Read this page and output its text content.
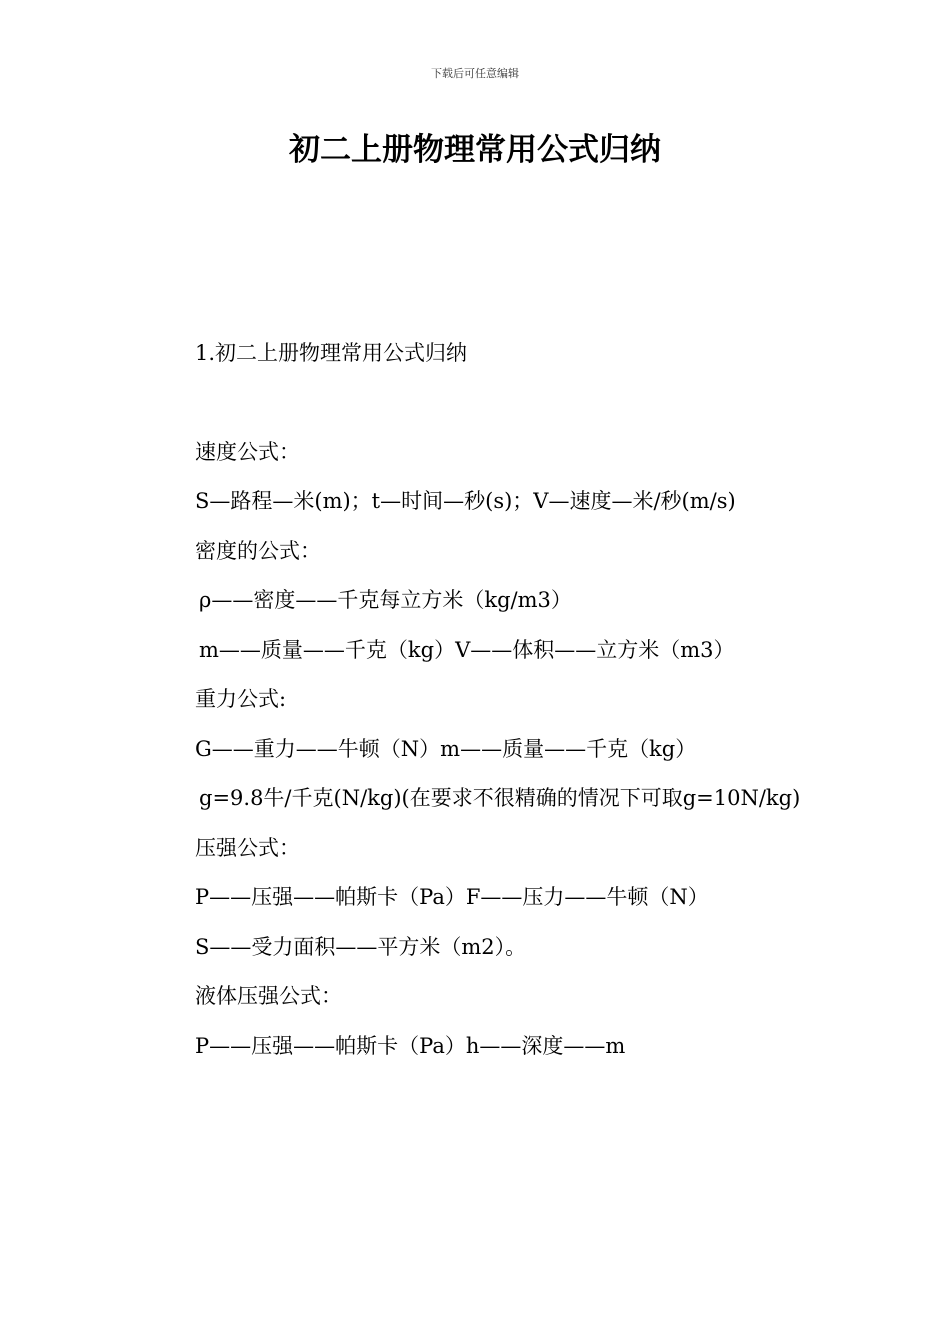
下载后可任意编辑
初二上册物理常用公式归纳

1.初二上册物理常用公式归纳

速度公式：

S—路程—米(m)；t—时间—秒(s)；V—速度—米/秒(m/s)

密度的公式：

ρ——密度——千克每立方米（kg/m3）

m——质量——千克（kg）V——体积——立方米（m3）

重力公式:

G——重力——牛顿（N）m——质量——千克（kg）

g=9.8牛/千克(N/kg)(在要求不很精确的情况下可取g=10N/kg)

压强公式：

P——压强——帕斯卡（Pa）F——压力——牛顿（N）

S——受力面积——平方米（m2）。

液体压强公式：

P——压强——帕斯卡（Pa）h——深度——m
